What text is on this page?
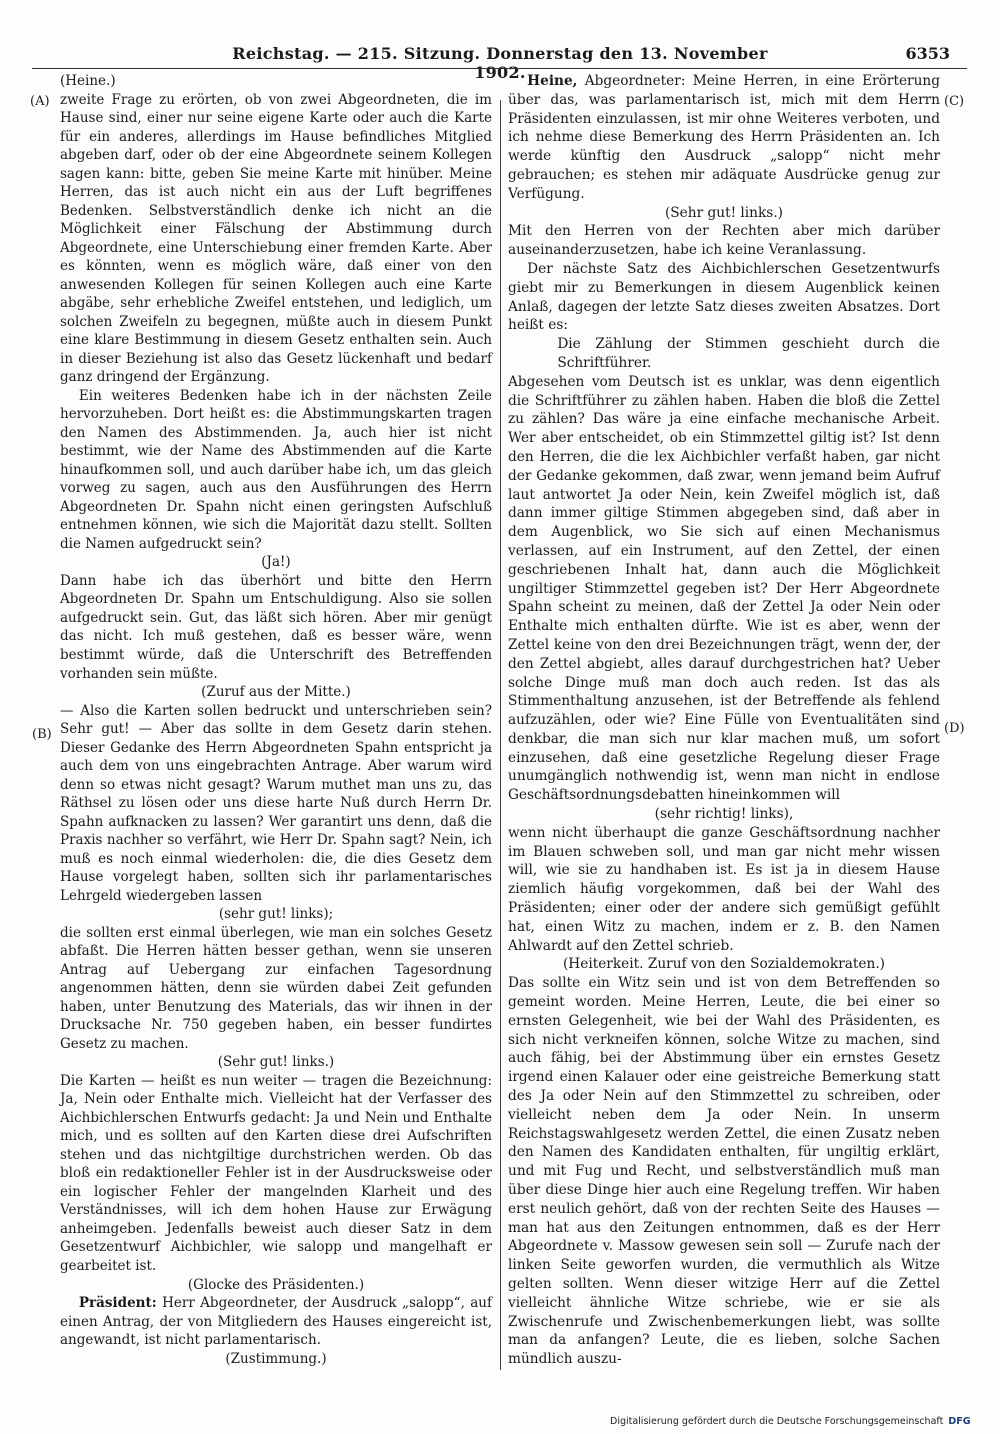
Reichstag. — 215. Sitzung. Donnerstag den 13. November 1902.
6353
(A)
(B)
(C)
(D)

(Heine.)

zweite Frage zu erörten, ob von zwei Abgeordneten, die im Hause sind, einer nur seine eigene Karte oder auch die Karte für ein anderes, allerdings im Hause befindliches Mitglied abgeben darf, oder ob der eine Abgeordnete seinem Kollegen sagen kann: bitte, geben Sie meine Karte mit hinüber. Meine Herren, das ist auch nicht ein aus der Luft begriffenes Bedenken. Selbstverständlich denke ich nicht an die Möglichkeit einer Fälschung der Abstimmung durch Abgeordnete, eine Unterschiebung einer fremden Karte. Aber es könnten, wenn es möglich wäre, daß einer von den anwesenden Kollegen für seinen Kollegen auch eine Karte abgäbe, sehr erhebliche Zweifel entstehen, und lediglich, um solchen Zweifeln zu begegnen, müßte auch in diesem Punkt eine klare Bestimmung in diesem Gesetz enthalten sein. Auch in dieser Beziehung ist also das Gesetz lückenhaft und bedarf ganz dringend der Ergänzung.

Ein weiteres Bedenken habe ich in der nächsten Zeile hervorzuheben. Dort heißt es: die Abstimmungskarten tragen den Namen des Abstimmenden. Ja, auch hier ist nicht bestimmt, wie der Name des Abstimmenden auf die Karte hinaufkommen soll, und auch darüber habe ich, um das gleich vorweg zu sagen, auch aus den Ausführungen des Herrn Abgeordneten Dr. Spahn nicht einen geringsten Aufschluß entnehmen können, wie sich die Majorität dazu stellt. Sollten die Namen aufgedruckt sein?

(Ja!)

Dann habe ich das überhört und bitte den Herrn Abgeordneten Dr. Spahn um Entschuldigung. Also sie sollen aufgedruckt sein. Gut, das läßt sich hören. Aber mir genügt das nicht. Ich muß gestehen, daß es besser wäre, wenn bestimmt würde, daß die Unterschrift des Betreffenden vorhanden sein müßte.

(Zuruf aus der Mitte.)

— Also die Karten sollen bedruckt und unterschrieben sein? Sehr gut! — Aber das sollte in dem Gesetz darin stehen. Dieser Gedanke des Herrn Abgeordneten Spahn entspricht ja auch dem von uns eingebrachten Antrage. Aber warum wird denn so etwas nicht gesagt? Warum muthet man uns zu, das Räthsel zu lösen oder uns diese harte Nuß durch Herrn Dr. Spahn aufknacken zu lassen? Wer garantirt uns denn, daß die Praxis nachher so verfährt, wie Herr Dr. Spahn sagt? Nein, ich muß es noch einmal wiederholen: die, die dies Gesetz dem Hause vorgelegt haben, sollten sich ihr parlamentarisches Lehrgeld wiedergeben lassen

(sehr gut! links);

die sollten erst einmal überlegen, wie man ein solches Gesetz abfaßt. Die Herren hätten besser gethan, wenn sie unseren Antrag auf Uebergang zur einfachen Tagesordnung angenommen hätten, denn sie würden dabei Zeit gefunden haben, unter Benutzung des Materials, das wir ihnen in der Drucksache Nr. 750 gegeben haben, ein besser fundirtes Gesetz zu machen.

(Sehr gut! links.)

Die Karten — heißt es nun weiter — tragen die Bezeichnung: Ja, Nein oder Enthalte mich. Vielleicht hat der Verfasser des Aichbichlerschen Entwurfs gedacht: Ja und Nein und Enthalte mich, und es sollten auf den Karten diese drei Aufschriften stehen und das nichtgiltige durchstrichen werden. Ob das bloß ein redaktioneller Fehler ist in der Ausdrucksweise oder ein logischer Fehler der mangelnden Klarheit und des Verständnisses, will ich dem hohen Hause zur Erwägung anheimgeben. Jedenfalls beweist auch dieser Satz in dem Gesetzentwurf Aichbichler, wie salopp und mangelhaft er gearbeitet ist.

(Glocke des Präsidenten.)

Präsident: Herr Abgeordneter, der Ausdruck „salopp“, auf einen Antrag, der von Mitgliedern des Hauses eingereicht ist, angewandt, ist nicht parlamentarisch.

(Zustimmung.)

Heine, Abgeordneter: Meine Herren, in eine Erörterung über das, was parlamentarisch ist, mich mit dem Herrn Präsidenten einzulassen, ist mir ohne Weiteres verboten, und ich nehme diese Bemerkung des Herrn Präsidenten an. Ich werde künftig den Ausdruck „salopp“ nicht mehr gebrauchen; es stehen mir adäquate Ausdrücke genug zur Verfügung.

(Sehr gut! links.)

Mit den Herren von der Rechten aber mich darüber auseinanderzusetzen, habe ich keine Veranlassung.

Der nächste Satz des Aichbichlerschen Gesetzentwurfs giebt mir zu Bemerkungen in diesem Augenblick keinen Anlaß, dagegen der letzte Satz dieses zweiten Absatzes. Dort heißt es:

Die Zählung der Stimmen geschieht durch die Schriftführer.

Abgesehen vom Deutsch ist es unklar, was denn eigentlich die Schriftführer zu zählen haben. Haben die bloß die Zettel zu zählen? Das wäre ja eine einfache mechanische Arbeit. Wer aber entscheidet, ob ein Stimmzettel giltig ist? Ist denn den Herren, die die lex Aichbichler verfaßt haben, gar nicht der Gedanke gekommen, daß zwar, wenn jemand beim Aufruf laut antwortet Ja oder Nein, kein Zweifel möglich ist, daß dann immer giltige Stimmen abgegeben sind, daß aber in dem Augenblick, wo Sie sich auf einen Mechanismus verlassen, auf ein Instrument, auf den Zettel, der einen geschriebenen Inhalt hat, dann auch die Möglichkeit ungiltiger Stimmzettel gegeben ist? Der Herr Abgeordnete Spahn scheint zu meinen, daß der Zettel Ja oder Nein oder Enthalte mich enthalten dürfte. Wie ist es aber, wenn der Zettel keine von den drei Bezeichnungen trägt, wenn der, der den Zettel abgiebt, alles darauf durchgestrichen hat? Ueber solche Dinge muß man doch auch reden. Ist das als Stimmenthaltung anzusehen, ist der Betreffende als fehlend aufzuzählen, oder wie? Eine Fülle von Eventualitäten sind denkbar, die man sich nur klar machen muß, um sofort einzusehen, daß eine gesetzliche Regelung dieser Frage unumgänglich nothwendig ist, wenn man nicht in endlose Geschäftsordnungsdebatten hineinkommen will

(sehr richtig! links),

wenn nicht überhaupt die ganze Geschäftsordnung nachher im Blauen schweben soll, und man gar nicht mehr wissen will, wie sie zu handhaben ist. Es ist ja in diesem Hause ziemlich häufig vorgekommen, daß bei der Wahl des Präsidenten; einer oder der andere sich gemüßigt gefühlt hat, einen Witz zu machen, indem er z. B. den Namen Ahlwardt auf den Zettel schrieb.

(Heiterkeit. Zuruf von den Sozialdemokraten.)

Das sollte ein Witz sein und ist von dem Betreffenden so gemeint worden. Meine Herren, Leute, die bei einer so ernsten Gelegenheit, wie bei der Wahl des Präsidenten, es sich nicht verkneifen können, solche Witze zu machen, sind auch fähig, bei der Abstimmung über ein ernstes Gesetz irgend einen Kalauer oder eine geistreiche Bemerkung statt des Ja oder Nein auf den Stimmzettel zu schreiben, oder vielleicht neben dem Ja oder Nein. In unserm Reichstagswahlgesetz werden Zettel, die einen Zusatz neben den Namen des Kandidaten enthalten, für ungiltig erklärt, und mit Fug und Recht, und selbstverständlich muß man über diese Dinge hier auch eine Regelung treffen. Wir haben erst neulich gehört, daß von der rechten Seite des Hauses — man hat aus den Zeitungen entnommen, daß es der Herr Abgeordnete v. Massow gewesen sein soll — Zurufe nach der linken Seite geworfen wurden, die vermuthlich als Witze gelten sollten. Wenn dieser witzige Herr auf die Zettel vielleicht ähnliche Witze schriebe, wie er sie als Zwischenrufe und Zwischenbemerkungen liebt, was sollte man da anfangen? Leute, die es lieben, solche Sachen mündlich auszu-

Digitalisierung gefördert durch die Deutsche Forschungsgemeinschaft DFG
